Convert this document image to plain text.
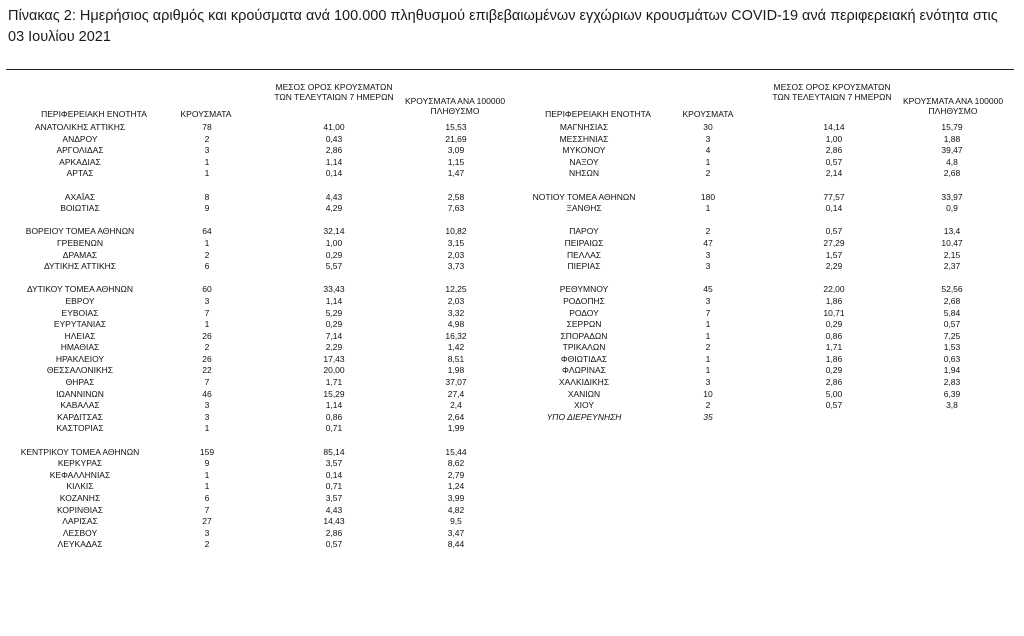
Πίνακας 2: Ημερήσιος αριθμός και κρούσματα ανά 100.000 πληθυσμού επιβεβαιωμένων εγχώριων κρουσμάτων COVID-19 ανά περιφερειακή ενότητα στις 03 Ιουλίου 2021
ΠΕΡΙΦΕΡΕΙΑΚΗ ΕΝΟΤΗΤΑ	ΚΡΟΥΣΜΑΤΑ
ΜΕΣΟΣ ΟΡΟΣ ΚΡΟΥΣΜΑΤΩΝ ΤΩΝ ΤΕΛΕΥΤΑΙΩΝ 7 ΗΜΕΡΩΝ	ΚΡΟΥΣΜΑΤΑ ΑΝΑ 100000 ΠΛΗΘΥΣΜΟ	ΠΕΡΙΦΕΡΕΙΑΚΗ ΕΝΟΤΗΤΑ	ΚΡΟΥΣΜΑΤΑ
ΜΕΣΟΣ ΟΡΟΣ ΚΡΟΥΣΜΑΤΩΝ ΤΩΝ ΤΕΛΕΥΤΑΙΩΝ 7 ΗΜΕΡΩΝ	ΚΡΟΥΣΜΑΤΑ ΑΝΑ 100000 ΠΛΗΘΥΣΜΟ
ΑΝΑΤΟΛΙΚΗΣ ΑΤΤΙΚΗΣ	78	41,00	15,53
ΑΝΔΡΟΥ	2	0,43	21,69
ΑΡΓΟΛΙΔΑΣ	3	2,86	3,09
ΑΡΚΑΔΙΑΣ	1	1,14	1,15
ΑΡΤΑΣ	1	0,14	1,47
ΑΧΑΪΑΣ	8	4,43	2,58
ΒΟΙΩΤΙΑΣ	9	4,29	7,63
ΒΟΡΕΙΟΥ ΤΟΜΕΑ ΑΘΗΝΩΝ	64	32,14	10,82
ΓΡΕΒΕΝΩΝ	1	1,00	3,15
ΔΡΑΜΑΣ	2	0,29	2,03
ΔΥΤΙΚΗΣ ΑΤΤΙΚΗΣ	6	5,57	3,73
ΔΥΤΙΚΟΥ ΤΟΜΕΑ ΑΘΗΝΩΝ	60	33,43	12,25
ΕΒΡΟΥ	3	1,14	2,03
ΕΥΒΟΙΑΣ	7	5,29	3,32
ΕΥΡΥΤΑΝΙΑΣ	1	0,29	4,98
ΗΛΕΙΑΣ	26	7,14	16,32
ΗΜΑΘΙΑΣ	2	2,29	1,42
ΗΡΑΚΛΕΙΟΥ	26	17,43	8,51
ΘΕΣΣΑΛΟΝΙΚΗΣ	22	20,00	1,98
ΘΗΡΑΣ	7	1,71	37,07
ΙΩΑΝΝΙΝΩΝ	46	15,29	27,4
ΚΑΒΑΛΑΣ	3	1,14	2,4
ΚΑΡΔΙΤΣΑΣ	3	0,86	2,64
ΚΑΣΤΟΡΙΑΣ	1	0,71	1,99
ΚΕΝΤΡΙΚΟΥ ΤΟΜΕΑ ΑΘΗΝΩΝ	159	85,14	15,44
ΚΕΡΚΥΡΑΣ	9	3,57	8,62
ΚΕΦΑΛΛΗΝΙΑΣ	1	0,14	2,79
ΚΙΛΚΙΣ	1	0,71	1,24
ΚΟΖΑΝΗΣ	6	3,57	3,99
ΚΟΡΙΝΘΙΑΣ	7	4,43	4,82
ΛΑΡΙΣΑΣ	27	14,43	9,5
ΛΕΣΒΟΥ	3	2,86	3,47
ΛΕΥΚΑΔΑΣ	2	0,57	8,44
ΜΑΓΝΗΣΙΑΣ	30	14,14	15,79
ΜΕΣΣΗΝΙΑΣ	3	1,00	1,88
ΜΥΚΟΝΟΥ	4	2,86	39,47
ΝΑΞΟΥ	1	0,57	4,8
ΝΗΣΩΝ	2	2,14	2,68
ΝΟΤΙΟΥ ΤΟΜΕΑ ΑΘΗΝΩΝ	180	77,57	33,97
ΞΑΝΘΗΣ	1	0,14	0,9
ΠΑΡΟΥ	2	0,57	13,4
ΠΕΙΡΑΙΩΣ	47	27,29	10,47
ΠΕΛΛΑΣ	3	1,57	2,15
ΠΙΕΡΙΑΣ	3	2,29	2,37
ΡΕΘΥΜΝΟΥ	45	22,00	52,56
ΡΟΔΟΠΗΣ	3	1,86	2,68
ΡΟΔΟΥ	7	10,71	5,84
ΣΕΡΡΩΝ	1	0,29	0,57
ΣΠΟΡΑΔΩΝ	1	0,86	7,25
ΤΡΙΚΑΛΩΝ	2	1,71	1,53
ΦΘΙΩΤΙΔΑΣ	1	1,86	0,63
ΦΛΩΡΙΝΑΣ	1	0,29	1,94
ΧΑΛΚΙΔΙΚΗΣ	3	2,86	2,83
ΧΑΝΙΩΝ	10	5,00	6,39
ΧΙΟΥ	2	0,57	3,8
ΥΠΟ ΔΙΕΡΕΥΝΗΣΗ	35
